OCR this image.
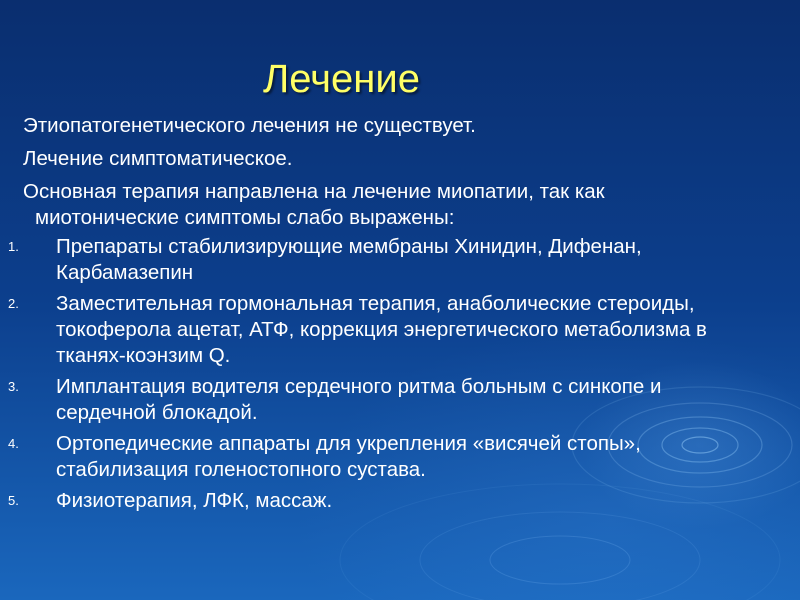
Лечение

Этиопатогенетического лечения не существует.

Лечение симптоматическое.

Основная терапия направлена на лечение миопатии, так как миотонические симптомы слабо выражены:

1.	Препараты стабилизирующие мембраны Хинидин, Дифенан, Карбамазепин
2.	Заместительная гормональная терапия, анаболические стероиды, токоферола ацетат, АТФ, коррекция энергетического метаболизма в тканях-коэнзим Q.
3.	Имплантация водителя сердечного ритма больным с синкопе и сердечной блокадой.
4.	Ортопедические аппараты для укрепления «висячей стопы», стабилизация голеностопного сустава.
5.	Физиотерапия, ЛФК, массаж.
